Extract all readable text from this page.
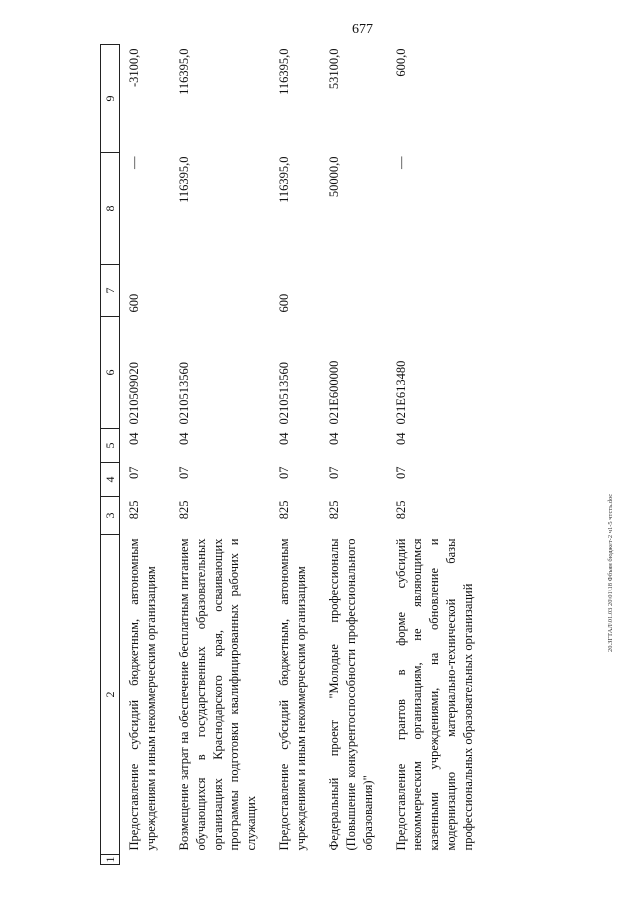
677
20.ЗГТАЛ\01.03 20\01\18 Фбъян бюджет-2 ч1-5 чтсть.doc
1	2	3	4	5	6	7	8	9
	Предоставление субсидий бюджетным, автономным учреждениям и иным некоммерческим организациям	825	07	04	0210509020	600	—	-3100,0
	Возмещение затрат на обеспечение бесплатным питанием обучающихся в государственных образовательных организациях Краснодарского края, осваивающих программы подготовки квалифицированных рабочих и служащих	825	07	04	0210513560		116395,0	116395,0
	Предоставление субсидий бюджетным, автономным учреждениям и иным некоммерческим организациям	825	07	04	0210513560	600	116395,0	116395,0
	Федеральный проект "Молодые профессионалы (Повышение конкурентоспособности профессионального образования)"	825	07	04	021E600000		50000,0	53100,0
	Предоставление грантов в форме субсидий некоммерческим организациям, не являющимся казенными учреждениями, на обновление и модернизацию материально-технической базы профессиональных образовательных организаций	825	07	04	021E613480		—	600,0
